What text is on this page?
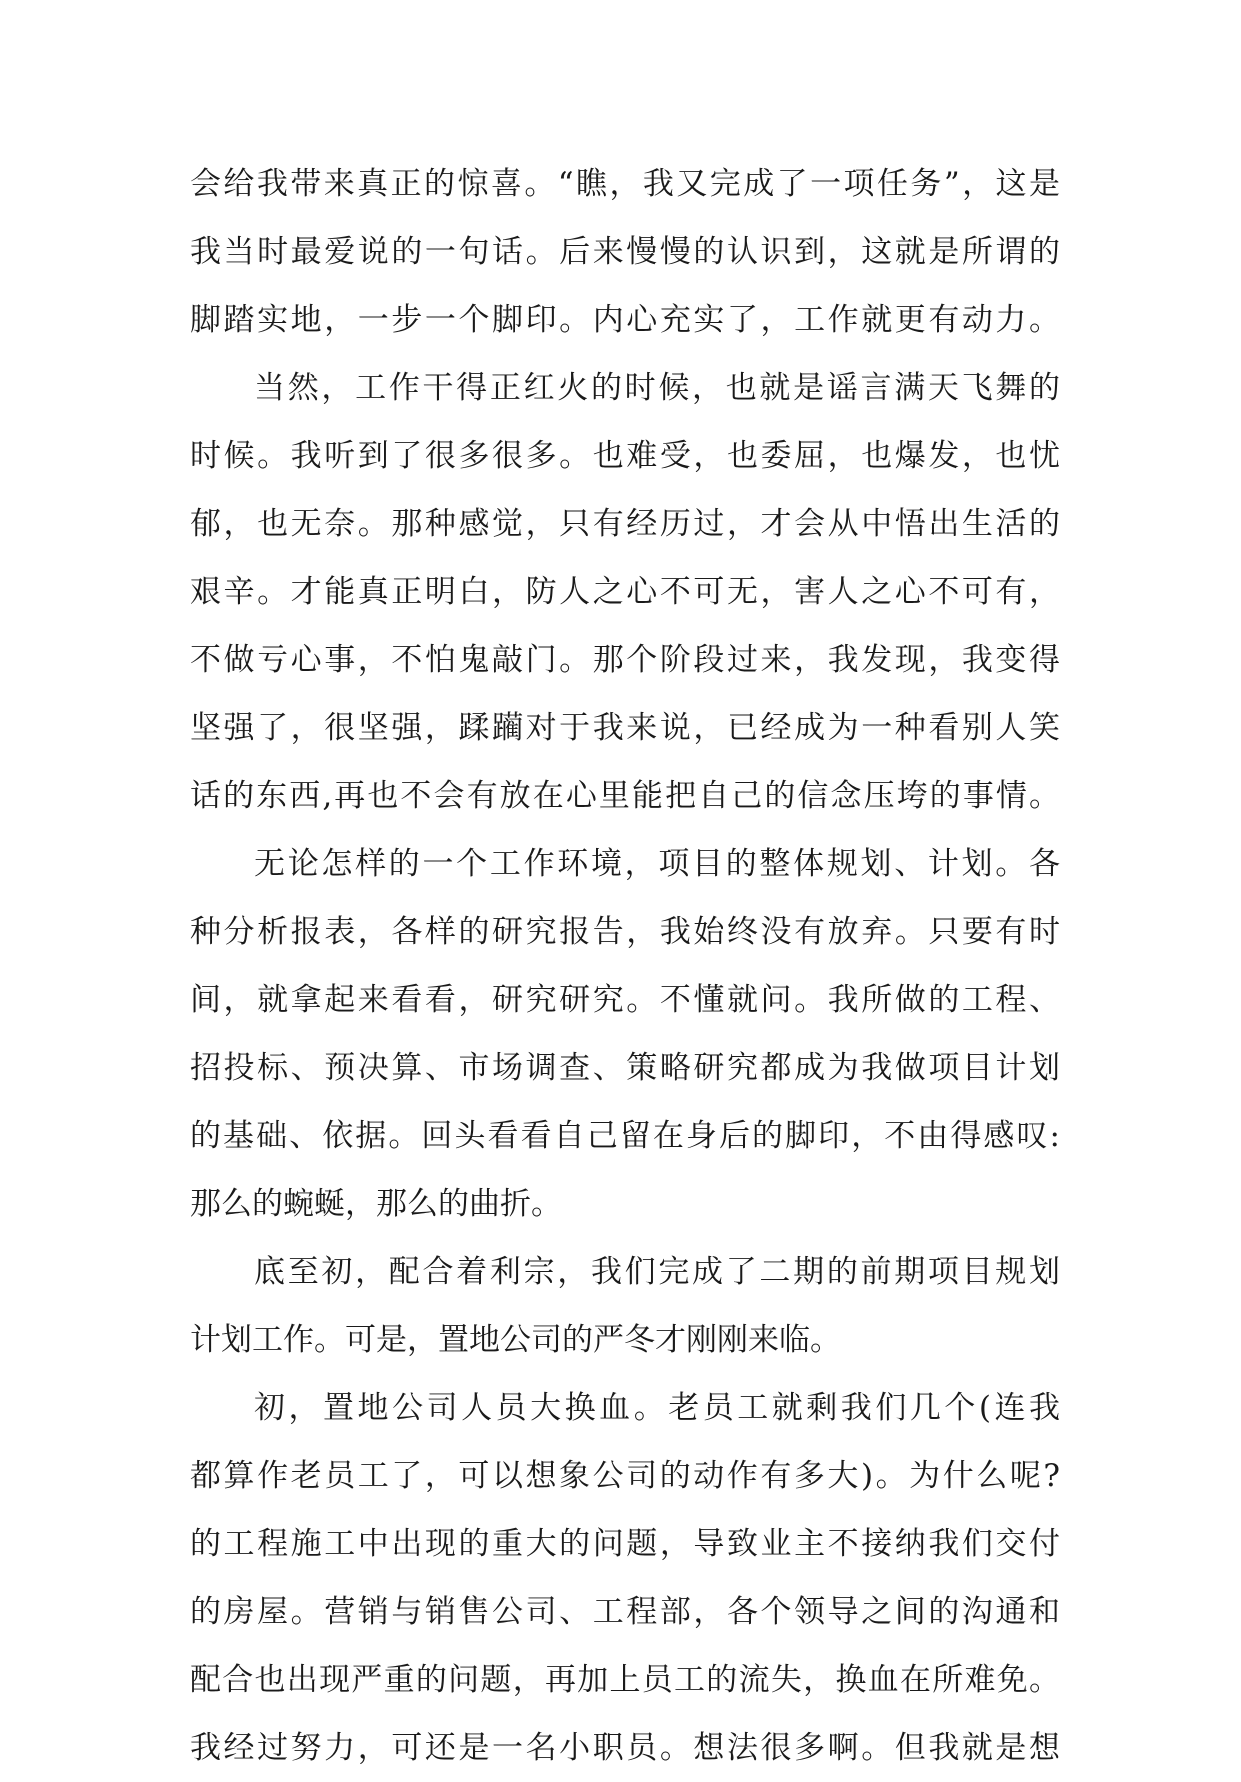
会给我带来真正的惊喜。“瞧，我又完成了一项任务”，这是
我当时最爱说的一句话。后来慢慢的认识到，这就是所谓的
脚踏实地，一步一个脚印。内心充实了，工作就更有动力。
当然，工作干得正红火的时候，也就是谣言满天飞舞的
时候。我听到了很多很多。也难受，也委屈，也爆发，也忧
郁，也无奈。那种感觉，只有经历过，才会从中悟出生活的
艰辛。才能真正明白，防人之心不可无，害人之心不可有，
不做亏心事，不怕鬼敲门。那个阶段过来，我发现，我变得
坚强了，很坚强，蹂躏对于我来说，已经成为一种看别人笑
话的东西,再也不会有放在心里能把自己的信念压垮的事情。
无论怎样的一个工作环境，项目的整体规划、计划。各
种分析报表，各样的研究报告，我始终没有放弃。只要有时
间，就拿起来看看，研究研究。不懂就问。我所做的工程、
招投标、预决算、市场调查、策略研究都成为我做项目计划
的基础、依据。回头看看自己留在身后的脚印，不由得感叹:
那么的蜿蜒，那么的曲折。
底至初，配合着利宗，我们完成了二期的前期项目规划
计划工作。可是，置地公司的严冬才刚刚来临。
初，置地公司人员大换血。老员工就剩我们几个(连我
都算作老员工了，可以想象公司的动作有多大)。为什么呢?
的工程施工中出现的重大的问题，导致业主不接纳我们交付
的房屋。营销与销售公司、工程部，各个领导之间的沟通和
配合也出现严重的问题，再加上员工的流失，换血在所难免。
我经过努力，可还是一名小职员。想法很多啊。但我就是想
